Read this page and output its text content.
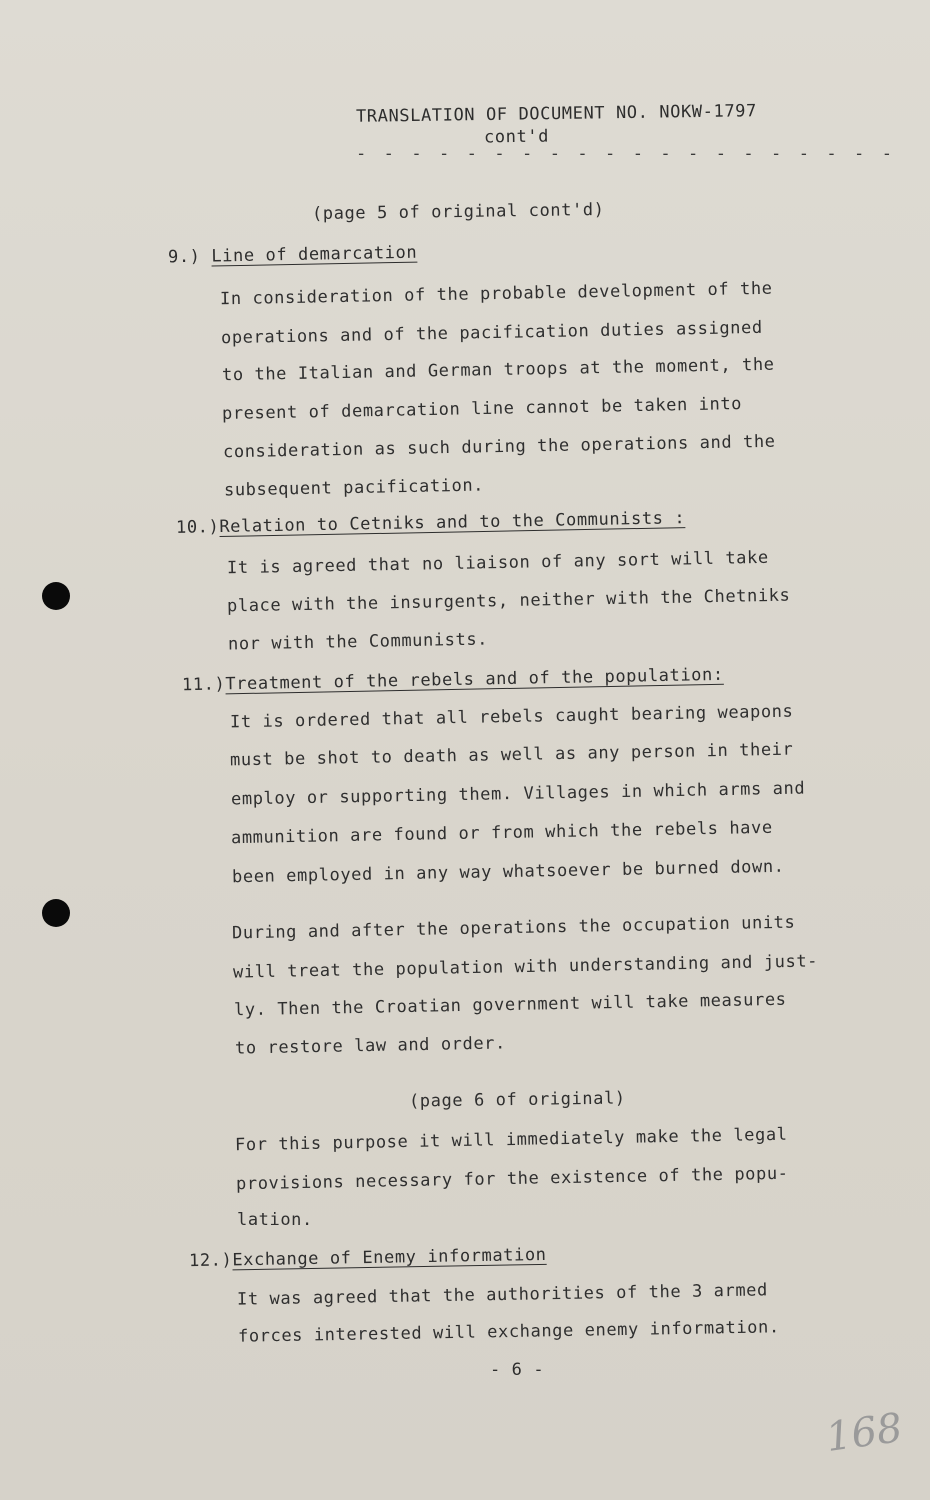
TRANSLATION OF DOCUMENT NO. NOKW-1797
cont'd
- - - - - - - - - - - - - - - - - - - -
(page 5 of original cont'd)
9.) Line of demarcation
In consideration of the probable development of the
operations and of the pacification duties assigned
to the Italian and German troops at the moment, the
present of demarcation line cannot be taken into
consideration as such during the operations and the
subsequent pacification.
10.)Relation to Cetniks and to the Communists :
It is agreed that no liaison of any sort will take
place with the insurgents, neither with the Chetniks
nor with the Communists.
11.)Treatment of the rebels and of the population:
It is ordered that all rebels caught bearing weapons
must be shot to death as well as any person in their
employ or supporting them. Villages in which arms and
ammunition are found or from which the rebels have
been employed in any way whatsoever be burned down.
During and after the operations the occupation units
will treat the population with understanding and just-
ly. Then the Croatian government will take measures
to restore law and order.
(page 6 of original)
For this purpose it will immediately make the legal
provisions necessary for the existence of the popu-
lation.
12.)Exchange of Enemy information
It was agreed that the authorities of the 3 armed
forces interested will exchange enemy information.
- 6 -
168
